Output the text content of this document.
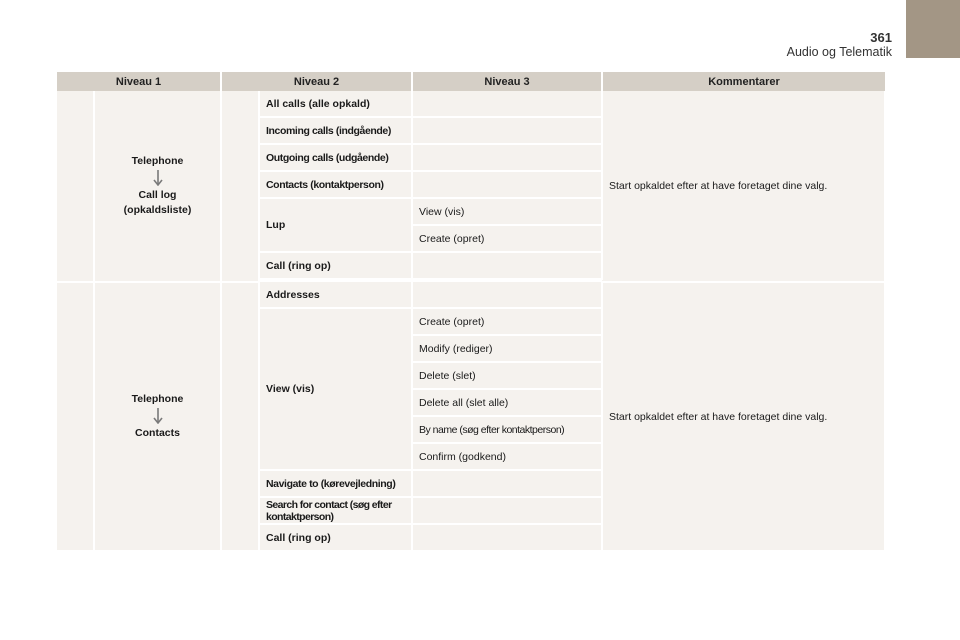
361
Audio og Telematik
Niveau 1		Niveau 2		Niveau 3	Kommentarer
	Telephone
Call log
(opkaldsliste)		All calls (alle opkald)		Start opkaldet efter at have foretaget dine valg.
			Incoming calls (indgående)		
			Outgoing calls (udgående)		
			Contacts (kontaktperson)		
			Lup	View (vis)	
				Create (opret)	
			Call (ring op)		

	Telephone
Contacts		Addresses		Start opkaldet efter at have foretaget dine valg.
			View (vis)	Create (opret)	
				Modify (rediger)	
				Delete (slet)	
				Delete all (slet alle)	
				By name (søg efter kontaktperson)	
				Confirm (godkend)	
			Navigate to (kørevejledning)		
			Search for contact (søg efter kontaktperson)		
			Call (ring op)		
